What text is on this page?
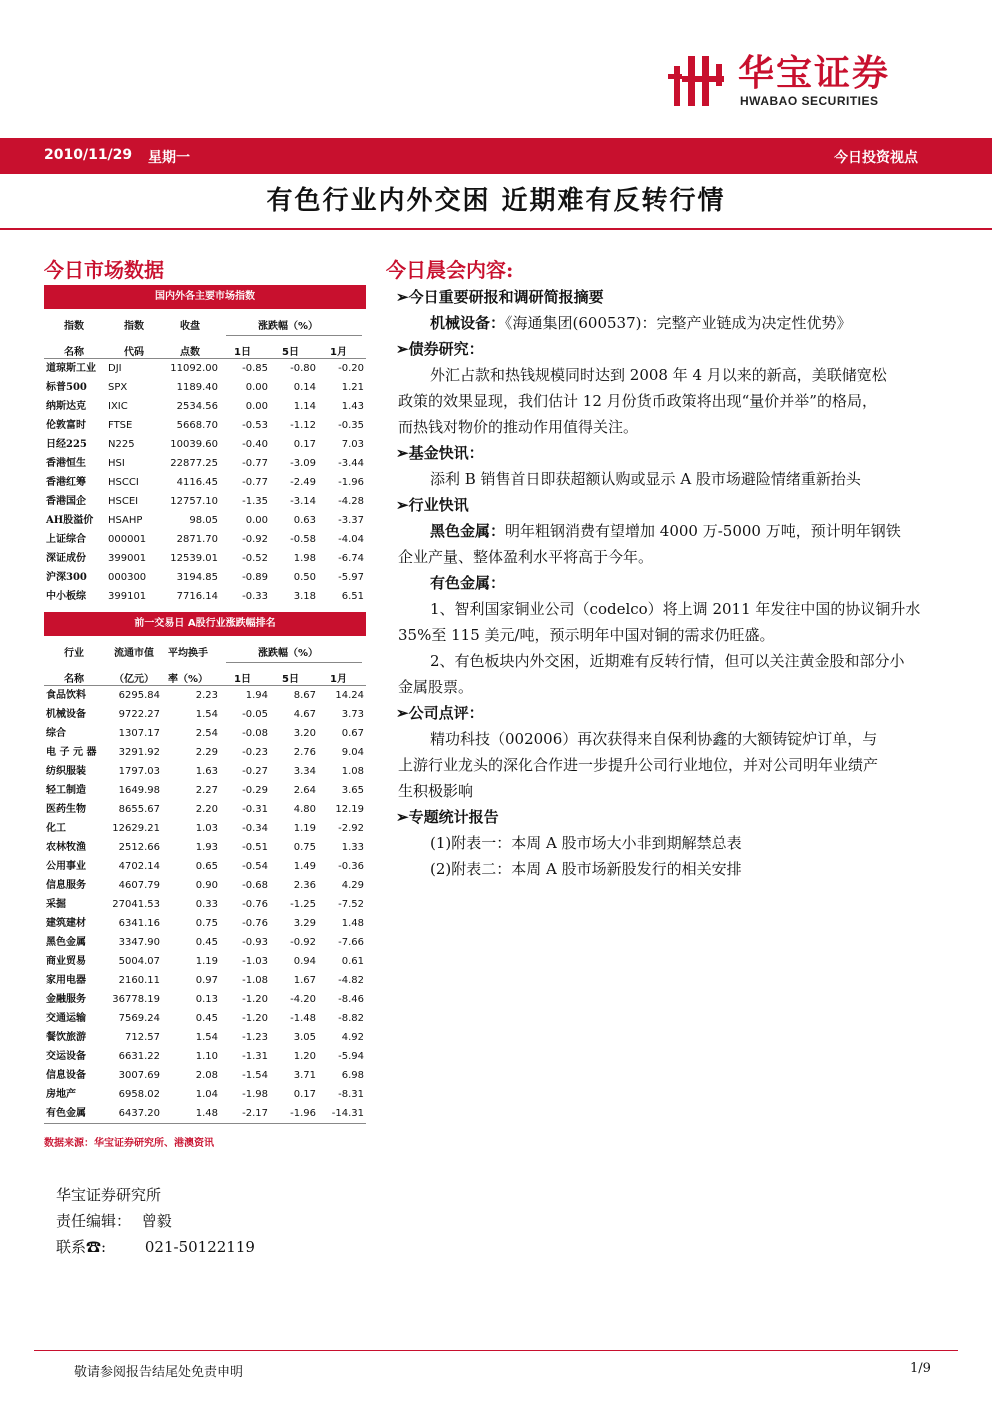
华宝证券
HWABAO SECURITIES
2010/11/29 星期一	今日投资视点
有色行业内外交困 近期难有反转行情
今日市场数据
国内外各主要市场指数
指数	指数	收盘	涨跌幅（%）
名称	代码	点数	1日	5日	1月
道琼斯工业 DJI	11092.00 -0.85 -0.80 -0.20
标普500 SPX	1189.40	0.00	0.14	1.21
纳斯达克 IXIC	2534.56	0.00	1.14	1.43
伦敦富时 FTSE	5668.70 -0.53 -1.12 -0.35
日经225 N225	10039.60 -0.40	0.17	7.03
香港恒生 HSI	22877.25 -0.77 -3.09 -3.44
香港红筹 HSCCI	4116.45 -0.77 -2.49 -1.96
香港国企 HSCEI	12757.10 -1.35 -3.14 -4.28
AH股溢价 HSAHP	98.05	0.00	0.63 -3.37
上证综合 000001	2871.70 -0.92 -0.58 -4.04
深证成份 399001 12539.01 -0.52	1.98 -6.74
沪深300 000300	3194.85 -0.89	0.50 -5.97
中小板综 399101	7716.14 -0.33	3.18	6.51
前一交易日 A股行业涨跌幅排名
行业	流通市值 平均换手	涨跌幅（%）
名称	（亿元） 率（%）	1日	5日	1月
食品饮料	6295.84	2.23	1.94	8.67 14.24
机械设备	9722.27	1.54 -0.05	4.67	3.73
综合	1307.17	2.54 -0.08	3.20	0.67
电 子 元 器 3291.92	2.29 -0.23	2.76	9.04
纺织服装	1797.03	1.63 -0.27	3.34	1.08
轻工制造	1649.98	2.27 -0.29	2.64	3.65
医药生物	8655.67	2.20 -0.31	4.80 12.19
化工	12629.21	1.03 -0.34	1.19 -2.92
农林牧渔	2512.66	1.93 -0.51	0.75	1.33
公用事业	4702.14	0.65 -0.54	1.49 -0.36
信息服务	4607.79	0.90 -0.68	2.36	4.29
采掘	27041.53	0.33 -0.76 -1.25 -7.52
建筑建材	6341.16	0.75 -0.76	3.29	1.48
黑色金属	3347.90	0.45 -0.93 -0.92 -7.66
商业贸易	5004.07	1.19 -1.03	0.94	0.61
家用电器	2160.11	0.97 -1.08	1.67 -4.82
金融服务	36778.19	0.13 -1.20 -4.20 -8.46
交通运输	7569.24	0.45 -1.20 -1.48 -8.82
餐饮旅游	712.57	1.54 -1.23	3.05	4.92
交运设备	6631.22	1.10 -1.31	1.20 -5.94
信息设备	3007.69	2.08 -1.54	3.71	6.98
房地产	6958.02	1.04 -1.98	0.17 -8.31
有色金属	6437.20	1.48 -2.17 -1.96 -14.31
数据来源：华宝证券研究所、港澳资讯
今日晨会内容:
➢今日重要研报和调研简报摘要
机械设备：《海通集团(600537)：完整产业链成为决定性优势》
➢债券研究：
外汇占款和热钱规模同时达到 2008 年 4 月以来的新高，美联储宽松
政策的效果显现，我们估计 12 月份货币政策将出现“量价并举”的格局，
而热钱对物价的推动作用值得关注。
➢基金快讯：
添利 B 销售首日即获超额认购或显示 A 股市场避险情绪重新抬头
➢行业快讯
黑色金属：明年粗钢消费有望增加 4000 万-5000 万吨，预计明年钢铁
企业产量、整体盈利水平将高于今年。
有色金属：
1、智利国家铜业公司（codelco）将上调 2011 年发往中国的协议铜升水
35%至 115 美元/吨，预示明年中国对铜的需求仍旺盛。
2、有色板块内外交困，近期难有反转行情，但可以关注黄金股和部分小
金属股票。
➢公司点评：
精功科技（002006）再次获得来自保利协鑫的大额铸锭炉订单，与
上游行业龙头的深化合作进一步提升公司行业地位，并对公司明年业绩产
生积极影响
➢专题统计报告
(1)附表一：本周 A 股市场大小非到期解禁总表
(2)附表二：本周 A 股市场新股发行的相关安排
华宝证券研究所
责任编辑： 曾毅
联系☎:	021-50122119
敬请参阅报告结尾处免责申明	1/9
